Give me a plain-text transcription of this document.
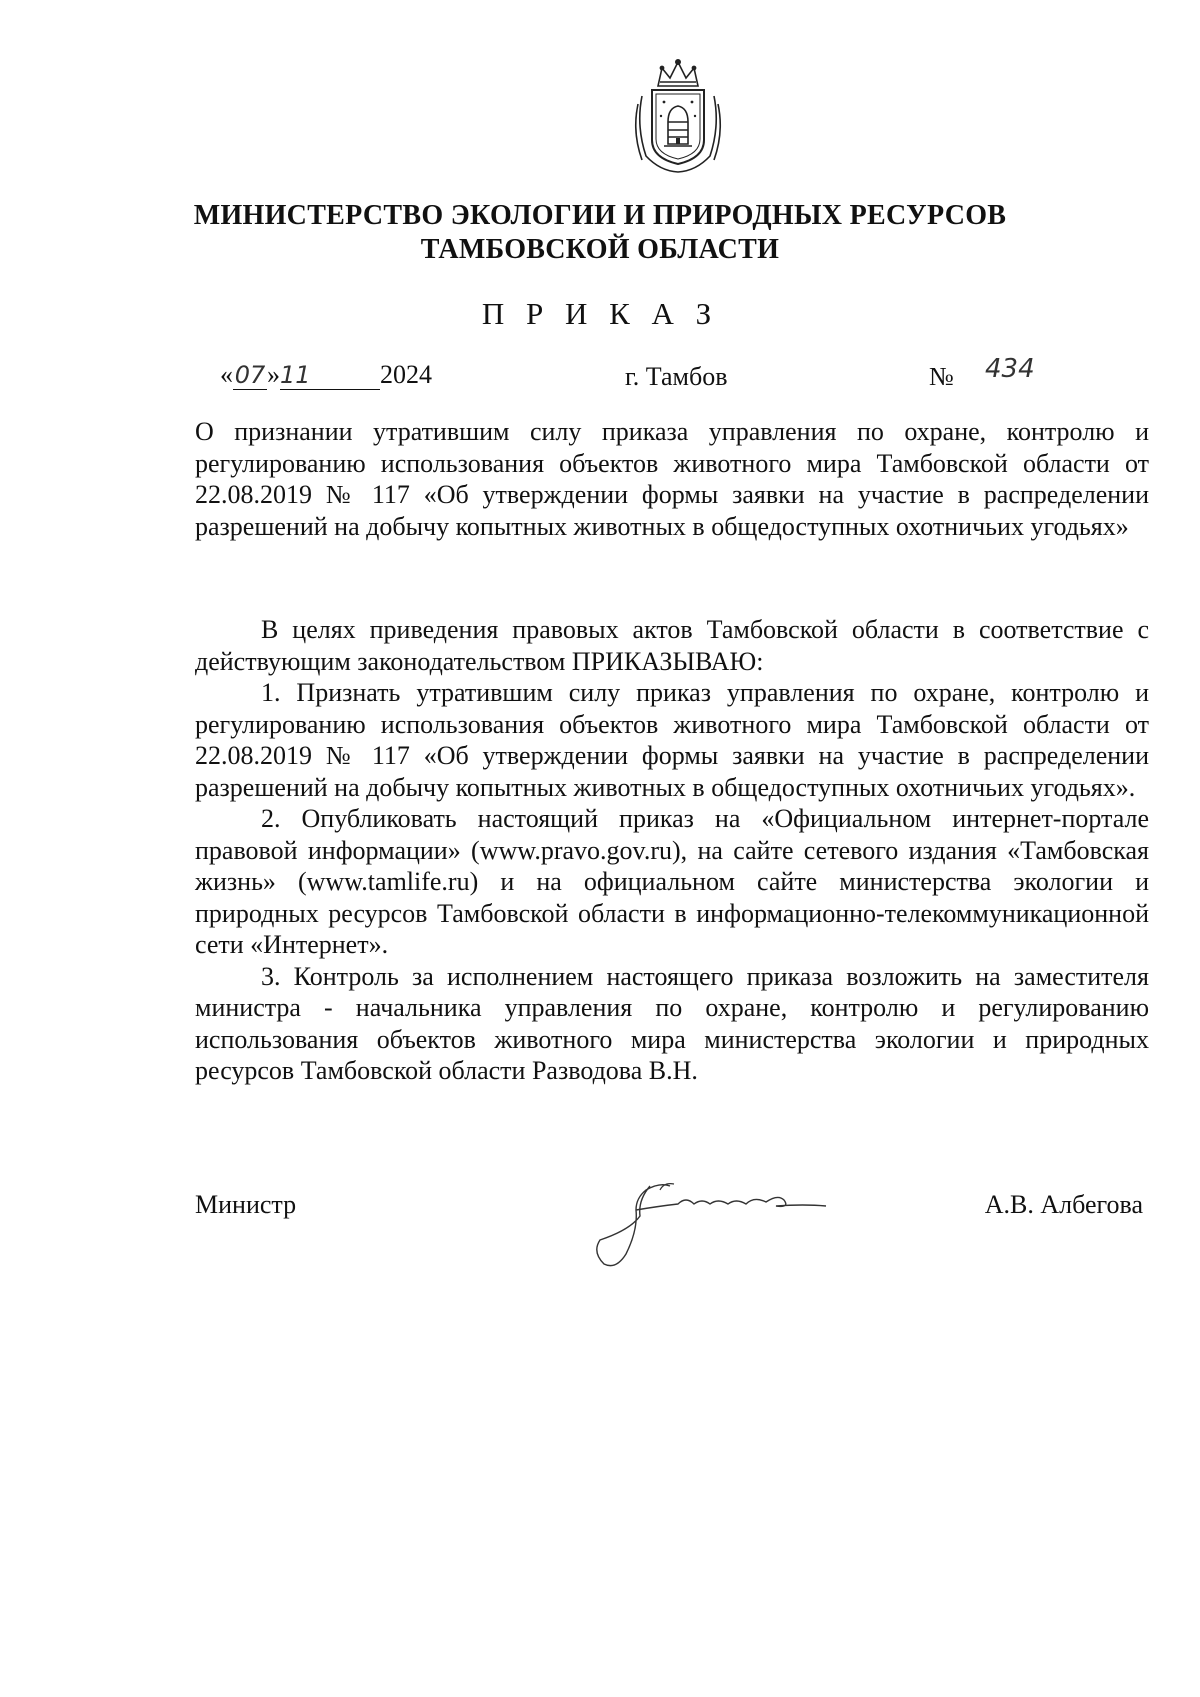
МИНИСТЕРСТВО ЭКОЛОГИИ И ПРИРОДНЫХ РЕСУРСОВ
ТАМБОВСКОЙ ОБЛАСТИ
П Р И К А З
«07»11	2024	г. Тамбов	№ 434

О признании утратившим силу приказа управления по охране, контролю и регулированию использования объектов животного мира Тамбовской области от 22.08.2019 № 117 «Об утверждении формы заявки на участие в распределении разрешений на добычу копытных животных в общедоступных охотничьих угодьях»

В целях приведения правовых актов Тамбовской области в соответствие с действующим законодательством ПРИКАЗЫВАЮ:

1. Признать утратившим силу приказ управления по охране, контролю и регулированию использования объектов животного мира Тамбовской области от 22.08.2019 № 117 «Об утверждении формы заявки на участие в распределении разрешений на добычу копытных животных в общедоступных охотничьих угодьях».

2. Опубликовать настоящий приказ на «Официальном интернет-портале правовой информации» (www.pravo.gov.ru), на сайте сетевого издания «Тамбовская жизнь» (www.tamlife.ru) и на официальном сайте министерства экологии и природных ресурсов Тамбовской области в информационно-телекоммуникационной сети «Интернет».

3. Контроль за исполнением настоящего приказа возложить на заместителя министра - начальника управления по охране, контролю и регулированию использования объектов животного мира министерства экологии и природных ресурсов Тамбовской области Разводова В.Н.

Министр	А.В. Албегова
